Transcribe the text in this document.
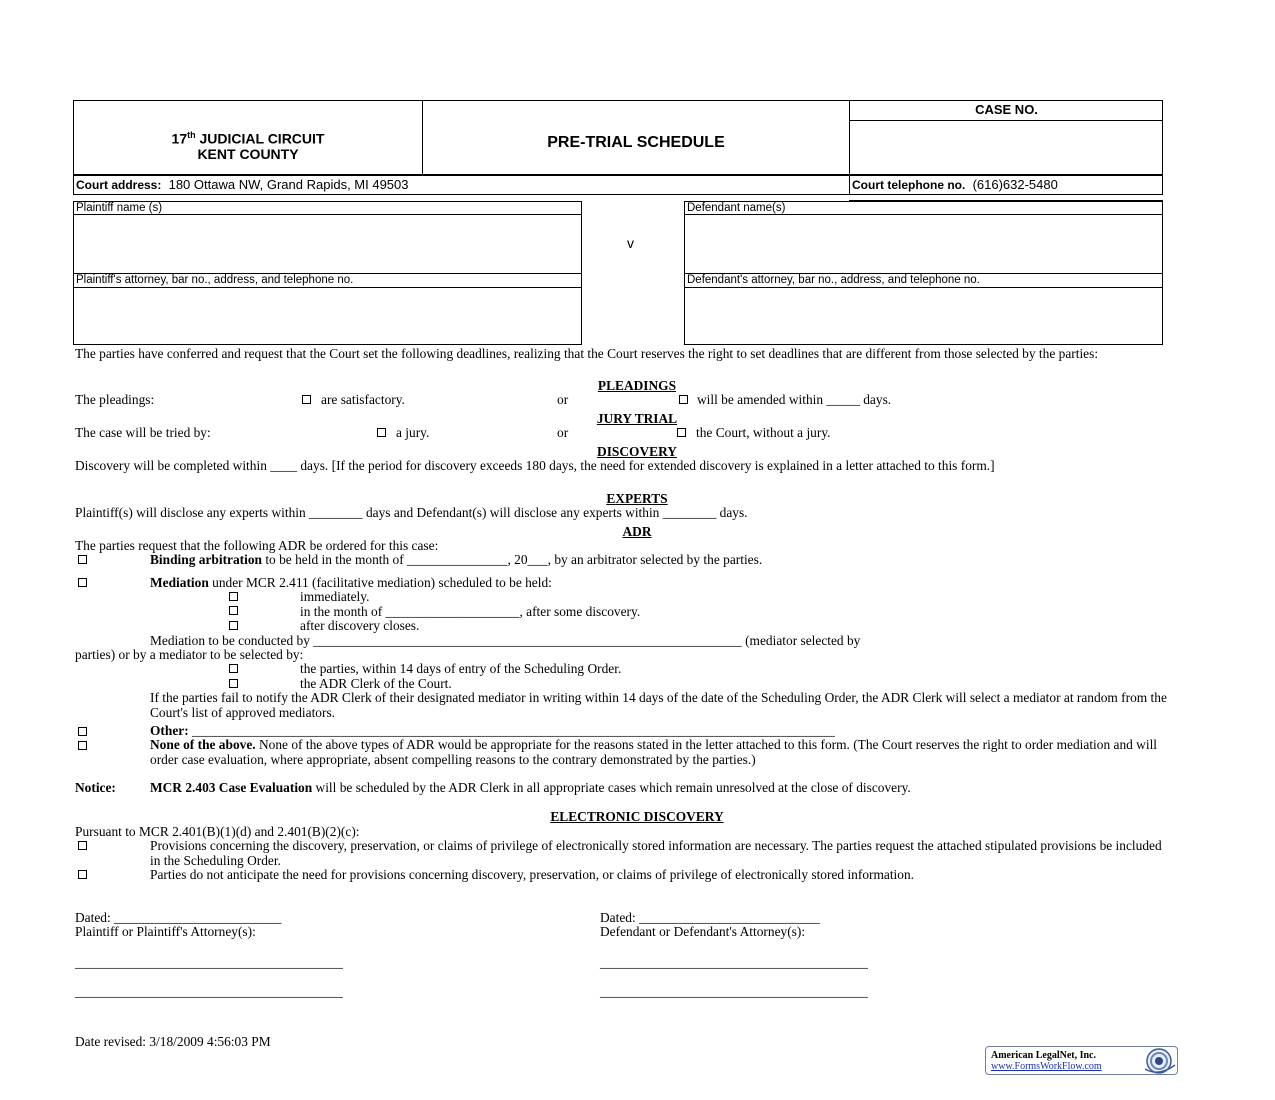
17th JUDICIAL CIRCUIT
KENT COUNTY
PRE-TRIAL SCHEDULE
CASE NO.
Court address: 180 Ottawa NW, Grand Rapids, MI 49503	Court telephone no. (616)632-5480
Plaintiff name (s)
Plaintiff's attorney, bar no., address, and telephone no.
v
Defendant name(s)
Defendant's attorney, bar no., address, and telephone no.
The parties have conferred and request that the Court set the following deadlines, realizing that the Court reserves the right to set deadlines that are different from those selected by the parties:
PLEADINGS
The pleadings:	are satisfactory.	or	will be amended within _____ days.
JURY TRIAL
The case will be tried by:	a jury.	or	the Court, without a jury.
DISCOVERY
Discovery will be completed within ____ days. [If the period for discovery exceeds 180 days, the need for extended discovery is explained in a letter attached to this form.]
EXPERTS
Plaintiff(s) will disclose any experts within ________ days and Defendant(s) will disclose any experts within ________ days.
ADR
The parties request that the following ADR be ordered for this case:
Binding arbitration to be held in the month of _______________, 20___, by an arbitrator selected by the parties.
Mediation under MCR 2.411 (facilitative mediation) scheduled to be held:
immediately.
in the month of ____________________, after some discovery.
after discovery closes.
Mediation to be conducted by ________________________________________________________________ (mediator selected by
parties) or by a mediator to be selected by:
the parties, within 14 days of entry of the Scheduling Order.
the ADR Clerk of the Court.
If the parties fail to notify the ADR Clerk of their designated mediator in writing within 14 days of the date of the Scheduling Order, the ADR Clerk will select a mediator at random from the Court's list of approved mediators.
Other: ________________________________________________________________________________________________
None of the above. None of the above types of ADR would be appropriate for the reasons stated in the letter attached to this form. (The Court reserves the right to order mediation and will order case evaluation, where appropriate, absent compelling reasons to the contrary demonstrated by the parties.)
Notice:	MCR 2.403 Case Evaluation will be scheduled by the ADR Clerk in all appropriate cases which remain unresolved at the close of discovery.
ELECTRONIC DISCOVERY
Pursuant to MCR 2.401(B)(1)(d) and 2.401(B)(2)(c):
Provisions concerning the discovery, preservation, or claims of privilege of electronically stored information are necessary. The parties request the attached stipulated provisions be included in the Scheduling Order.
Parties do not anticipate the need for provisions concerning discovery, preservation, or claims of privilege of electronically stored information.
Dated: _________________________
Plaintiff or Plaintiff's Attorney(s):
________________________________________
________________________________________
Dated: ___________________________
Defendant or Defendant's Attorney(s):
________________________________________
________________________________________
Date revised: 3/18/2009 4:56:03 PM
American LegalNet, Inc.
www.FormsWorkFlow.com
